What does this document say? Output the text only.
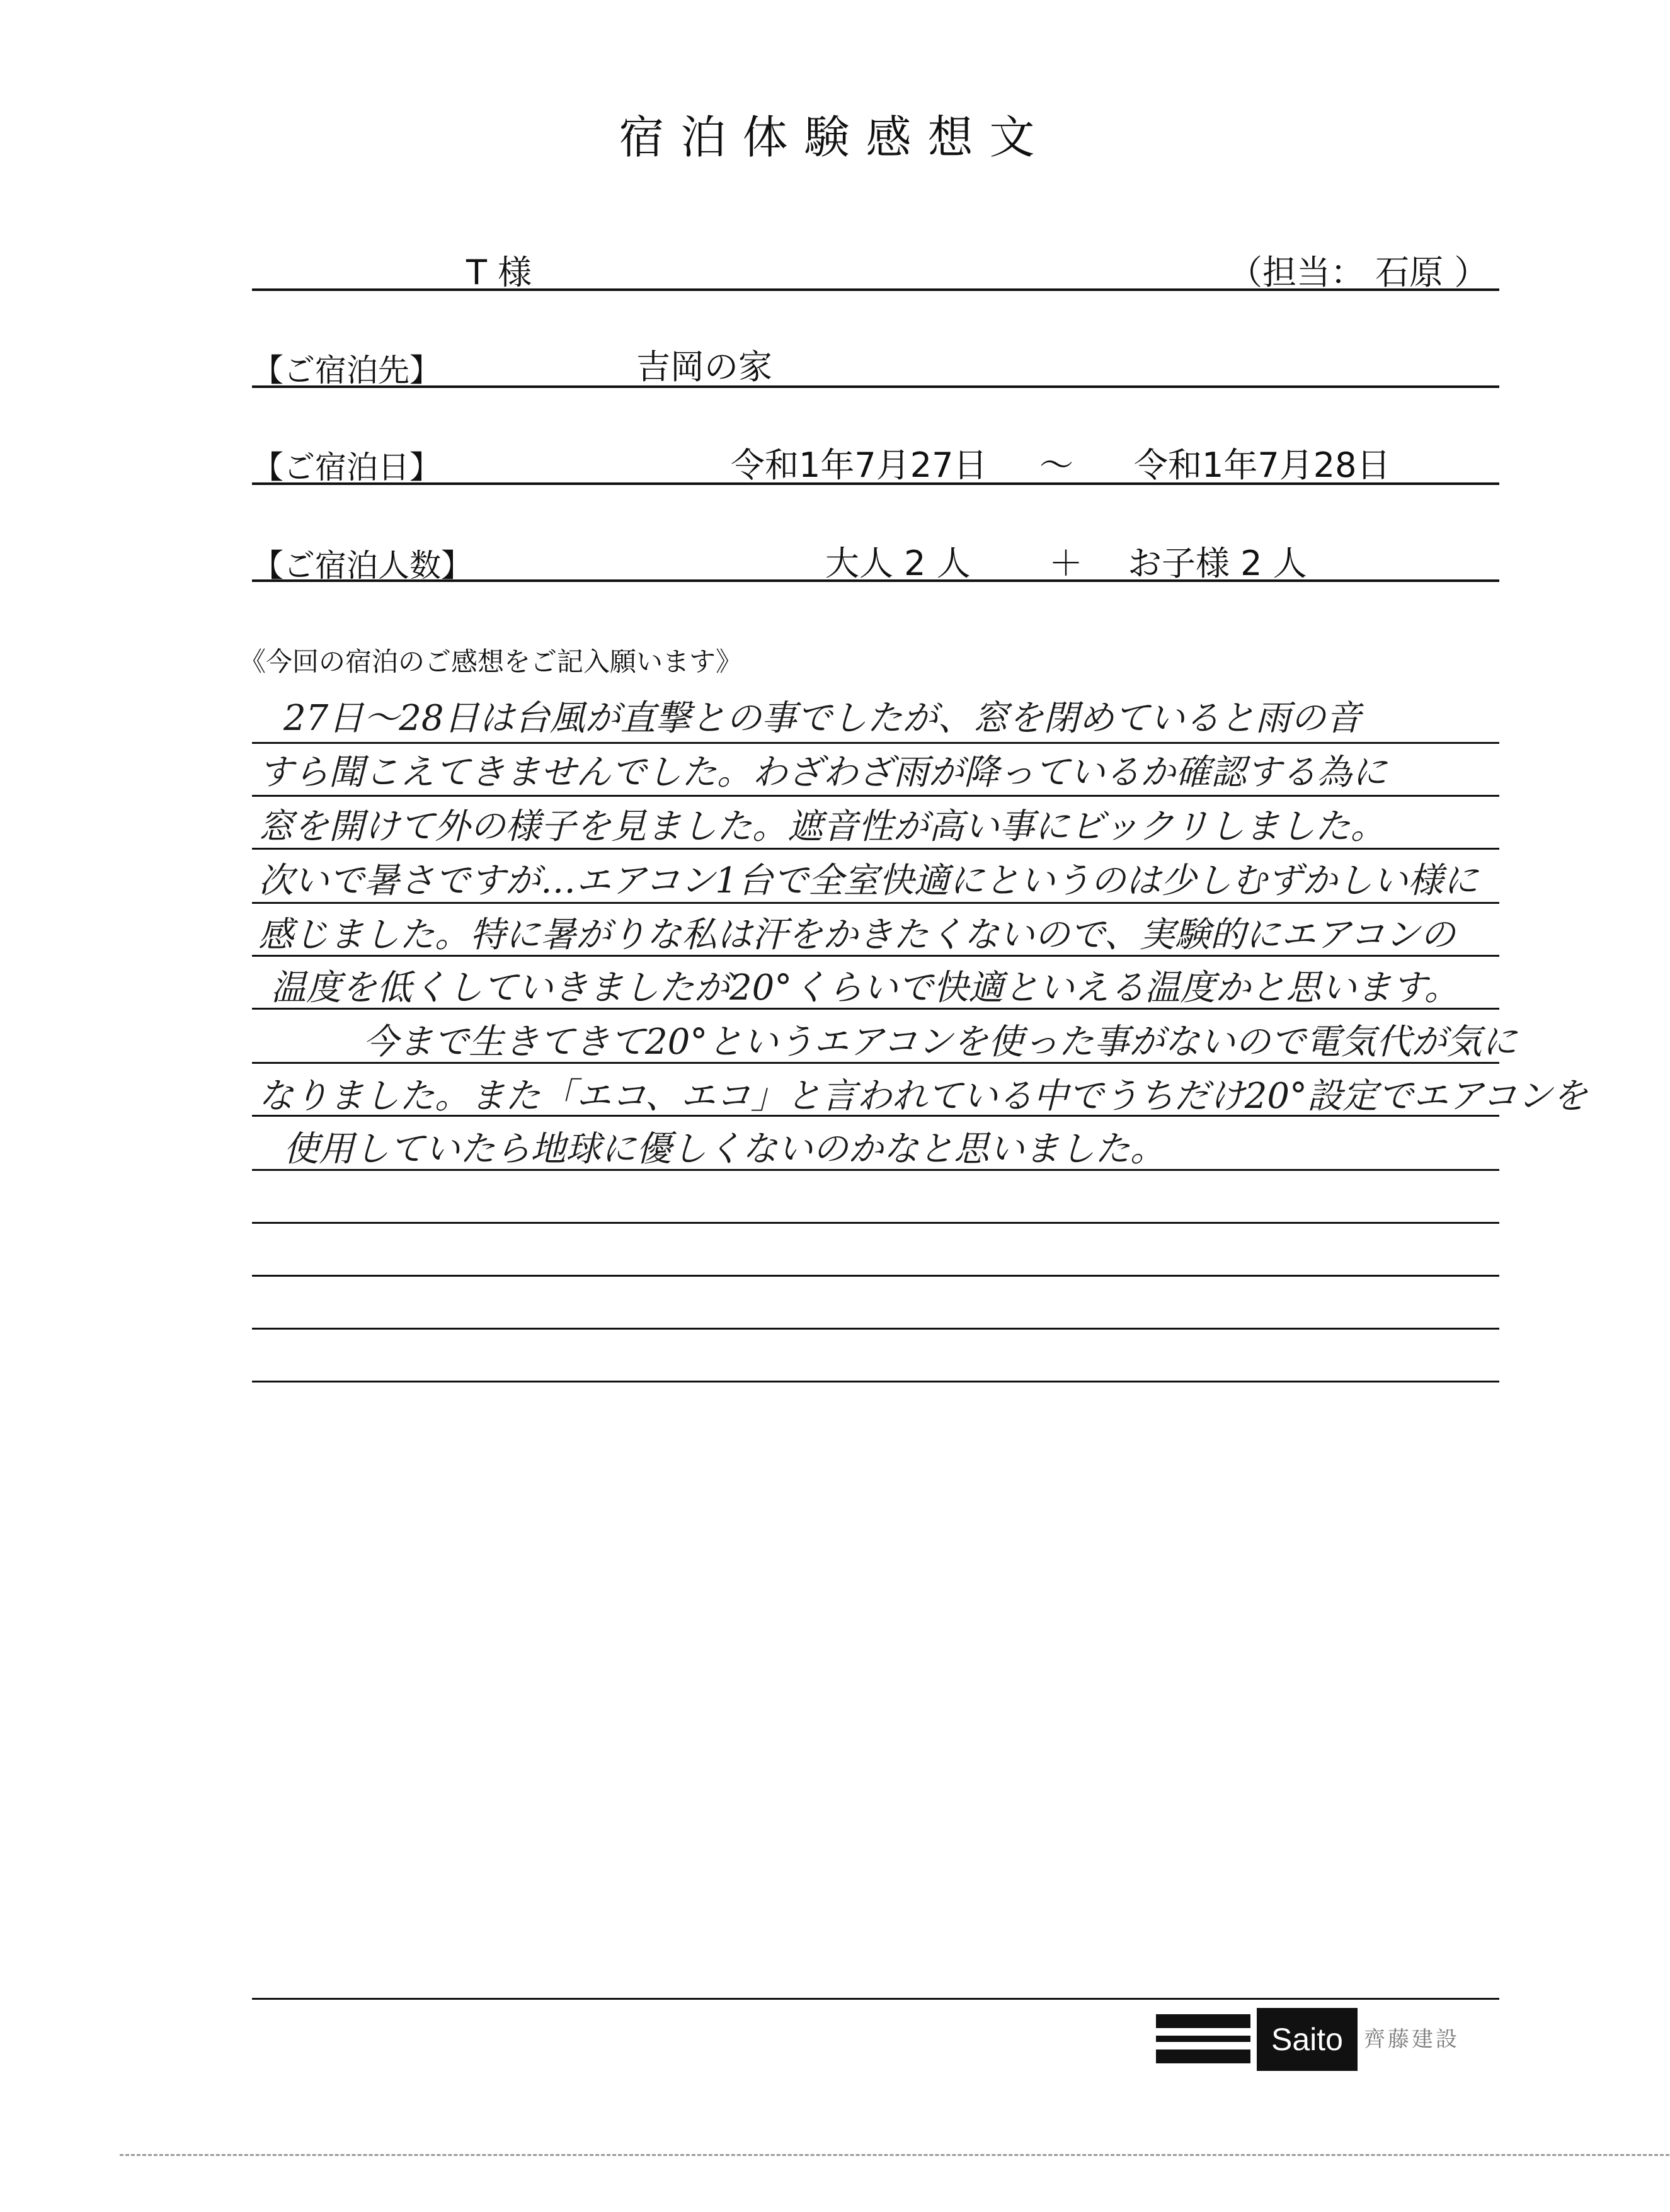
宿泊体験感想文
T 様	（担当： 石原 ）
【ご宿泊先】	吉岡の家
【ご宿泊日】	令和1年7月27日 ～ 令和1年7月28日
【ご宿泊人数】	大人 2 人 ＋ お子様 2 人
《今回の宿泊のご感想をご記入願います》
27日～28日は台風が直撃との事でしたが、窓を閉めていると雨の音
すら聞こえてきませんでした。わざわざ雨が降っているか確認する為に
窓を開けて外の様子を見ました。遮音性が高い事にビックリしました。
次いで暑さですが…エアコン1台で全室快適にというのは少しむずかしい様に
感じました。特に暑がりな私は汗をかきたくないので、実験的にエアコンの
温度を低くしていきましたが20°くらいで快適といえる温度かと思います。
　今まで生きてきて20°というエアコンを使った事がないので電気代が気に
なりました。また「エコ、エコ」と言われている中でうちだけ20°設定でエアコンを
使用していたら地球に優しくないのかなと思いました。
Saito 齊藤建設
